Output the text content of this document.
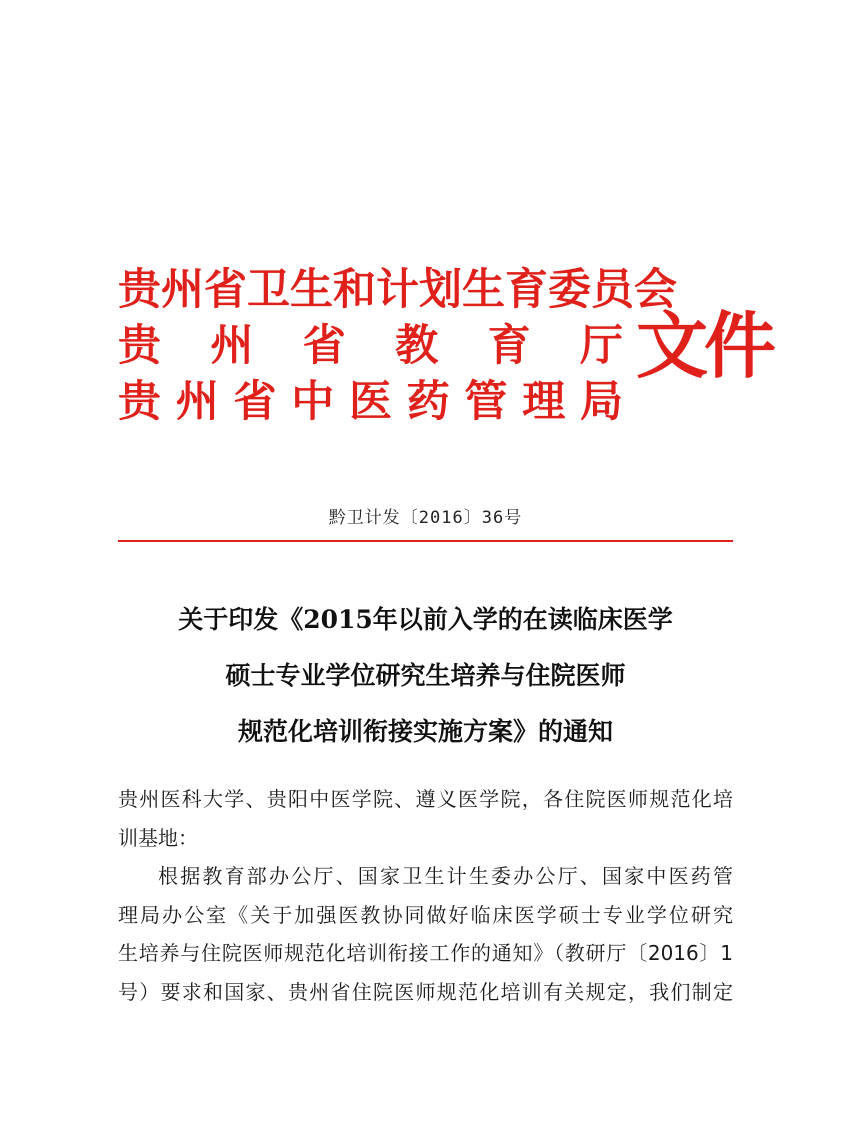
贵州省卫生和计划生育委员会
贵州省教育厅
贵州省中医药管理局
文件
黔卫计发〔2016〕36号
关于印发《2015年以前入学的在读临床医学
硕士专业学位研究生培养与住院医师
规范化培训衔接实施方案》的通知
贵州医科大学、贵阳中医学院、遵义医学院，各住院医师规范化培
训基地：
根据教育部办公厅、国家卫生计生委办公厅、国家中医药管
理局办公室《关于加强医教协同做好临床医学硕士专业学位研究
生培养与住院医师规范化培训衔接工作的通知》（教研厅〔2016〕1
号）要求和国家、贵州省住院医师规范化培训有关规定，我们制定
